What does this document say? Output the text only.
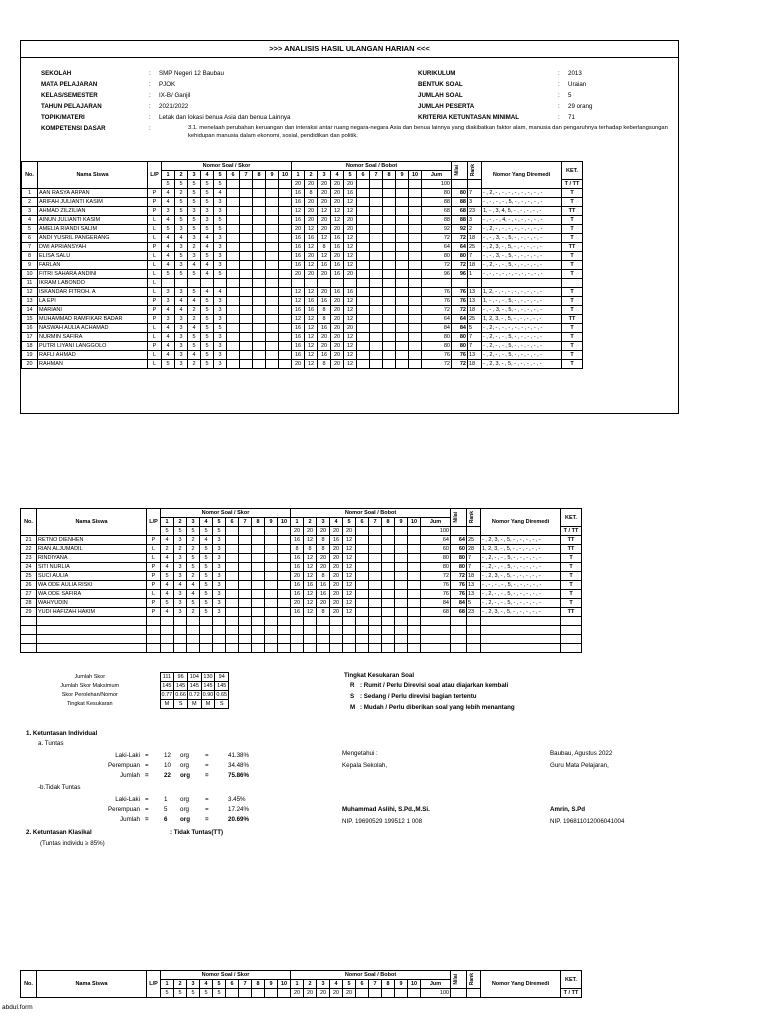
>>> ANALISIS HASIL ULANGAN HARIAN <<<
SEKOLAH	: SMP Negeri 12 Baubau	KURIKULUM	: 2013
MATA PELAJARAN	: PJOK	BENTUK SOAL	: Uraian
KELAS/SEMESTER	: IX-B/ Ganjil	JUMLAH SOAL	: 5
TAHUN PELAJARAN	: 2021/2022	JUMLAH PESERTA	: 29 orang
TOPIK/MATERI	: Letak dan lokasi benua Asia dan benua Lainnya	KRITERIA KETUNTASAN MINIMAL	: 71
KOMPETENSI DASAR	:	3.1. menelaah perubahan keruangan dan interaksi antar ruang negara-negara Asia dan benua lainnya yang diakibatkan faktor alam, manusia dan pengaruhnya terhadap keberlangsungan kehidupan manusia dalam ekonomi, sosial, pendidikan dan politik.
No.	Nama Siswa	L/P	Nomor Soal / Skor										Nomor Soal / Bobot											Nilai	Rank	Nomor Yang Diremedi	KET.
			1	2	3	4	5	6	7	8	9	10	1	2	3	4	5	6	7	8	9	10	Jum				
			5	5	5	5	5						20	20	20	20	20						100				T / TT
1	AAN RASYA ARPAN	P	4	2	5	5	4						16	8	20	20	16						80	80	7	- , 2, - , - , - , - , - , - , - , -	T
2	ARIFAH JULIANTI KASIM	P	4	5	5	5	3						16	20	20	20	12						88	88	3	- , - , - , - , 5, - , - , - , - , -	T
3	AHMAD ZILZILIAN	P	3	5	3	3	3						12	20	12	12	12						68	68	23	1, - , 3, 4, 5, - , - , - , - , -	TT
4	AINUN JULIANTI KASIM	L	4	5	5	3	5						16	20	20	12	20						88	88	3	- , - , - , 4, - , - , - , - , - , -	T
5	AMELIA RIANDI SALIM	L	5	3	5	5	5						20	12	20	20	20						92	92	2	- , 2, - , - , - , - , - , - , - , -	T
6	ANDI YUSRIL PANGERANG	L	4	4	3	4	3						16	16	12	16	12						72	72	18	- , - , 3, - , 5, - , - , - , - , -	T
7	DWI APRIANSYAH	P	4	3	2	4	3						16	12	8	16	12						64	64	25	- , 2, 3, - , 5, - , - , - , - , -	TT
8	ELISA SALU	L	4	5	3	5	3						16	20	12	20	12						80	80	7	- , - , 3, - , 5, - , - , - , - , -	T
9	FARLAN	L	4	3	4	4	3						16	12	16	16	12						72	72	18	- , 2, - , - , 5, - , - , - , - , -	T
10	FITRI SAHARA ANDINI	L	5	5	5	4	5						20	20	20	16	20						96	96	1	- , - , - , - , - , - , - , - , - , -	T
11	IKRAM LABONDO	L																									
12	ISKANDAR FITROH. A	L	3	3	5	4	4						12	12	20	16	16						76	76	13	1, 2, - , - , - , - , - , - , - , -	T
13	LA EPI	P	3	4	4	5	3						12	16	16	20	12						76	76	13	1, - , - , - , 5, - , - , - , - , -	T
14	MARIANI	P	4	4	2	5	3						16	16	8	20	12						72	72	18	- , - , 3, - , 5, - , - , - , - , -	T
15	MUHAMMAD RAMFIKAR BADAR	P	3	3	2	5	3						12	12	8	20	12						64	64	25	1, 2, 3, - , 5, - , - , - , - , -	TT
16	NASWAH AULIA ACHAMAD	L	4	3	4	5	5						16	12	16	20	20						84	84	5	- , 2, - , - , - , - , - , - , - , -	T
17	NURMIN SAFIRA	L	4	3	5	5	3						16	12	20	20	12						80	80	7	- , 2, - , - , 5, - , - , - , - , -	T
18	PUTRI LIYANI LANGGOLO	P	4	3	5	5	3						16	12	20	20	12						80	80	7	- , 2, - , - , 5, - , - , - , - , -	T
19	RAFLI AHMAD	L	4	3	4	5	3						16	12	16	20	12						76	76	13	- , 2, - , - , 5, - , - , - , - , -	T
20	RAHMAN	L	5	3	2	5	3						20	12	8	20	12						72	72	18	- , 2, 3, - , 5, - , - , - , - , -	T
No.	Nama Siswa	L/P	Nomor Soal / Skor										Nomor Soal / Bobot											Nilai	Rank	Nomor Yang Diremedi	KET.
			1	2	3	4	5	6	7	8	9	10	1	2	3	4	5	6	7	8	9	10	Jum				
			5	5	5	5	5						20	20	20	20	20						100				T / TT
21	RETNO DIENHEN	P	4	3	2	4	3						16	12	8	16	12						64	64	25	- , 2, 3, - , 5, - , - , - , - , -	TT
22	RIAN ALJUMADIL	L	2	2	2	5	3						8	8	8	20	12						60	60	28	1, 2, 3, - , 5, - , - , - , - , -	TT
23	RINDIYANA	L	4	3	5	5	3						16	12	20	20	12						80	80	7	- , 2, - , - , 5, - , - , - , - , -	T
24	SITI NURLIA	P	4	3	5	5	3						16	12	20	20	12						80	80	7	- , 2, - , - , 5, - , - , - , - , -	T
25	SUCI AULIA	P	5	3	2	5	3						20	12	8	20	12						72	72	18	- , 2, 3, - , 5, - , - , - , - , -	T
26	WA ODE AULIA RISKI	P	4	4	4	5	3						16	16	16	20	12						76	76	13	- , - , - , - , 5, - , - , - , - , -	T
27	WA ODE SAFIRA	L	4	3	4	5	3						16	12	16	20	12						76	76	13	- , 2, - , - , 5, - , - , - , - , -	T
28	WAHYUDIN	P	5	3	5	5	3						20	12	20	20	12						84	84	5	- , 2, - , - , 5, - , - , - , - , -	T
29	YUDI HAFIZAH HAKIM	P	4	3	2	5	3						16	12	8	20	12						68	68	23	- , 2, 3, - , 5, - , - , - , - , -	TT

1. Ketuntasan Individual
a. Tuntas
Laki-Laki = 12 org	=	41.38%
Perempuan = 10 org	=	34.48%
Jumlah = 22 org =	75.86%
-b.Tidak Tuntas
Laki-Laki = 1 org	=	3.45%
Perempuan = 5 org	=	17.24%
Jumlah = 6 org =	20.69%
2. Ketuntasan Klasikal	: Tidak Tuntas(TT)
(Tuntas individu ≥ 85%)
Mengetahui :
Kepala Sekolah,
Muhammad Aslihi, S.Pd.,M.Si.
NIP. 19690529 199512 1 008
Baubau, Agustus 2022
Guru Mata Pelajaran,
Amrin, S.Pd
NIP. 196811012006041004
No.	Nama Siswa	L/P	Nomor Soal / Skor										Nomor Soal / Bobot											Nilai	Rank	Nomor Yang Diremedi	KET.
			1	2	3	4	5	6	7	8	9	10	1	2	3	4	5	6	7	8	9	10	Jum				
			5	5	5	5	5						20	20	20	20	20						100				T / TT
abdul.form
Jumlah Skor	111	96	104	130	94
Jumlah Skor Maksimum	145	145	145	145	145
Skor Perolehan/Nomor	0.77	0.66	0.72	0.90	0.65
Tingkat Kesukaran	M	S	M	M	S
Tingkat Kesukaran Soal
R : Rumit / Perlu Direvisi soal atau diajarkan kembali
S : Sedang / Perlu direvisi bagian tertentu
M : Mudah / Perlu diberikan soal yang lebih menantang
